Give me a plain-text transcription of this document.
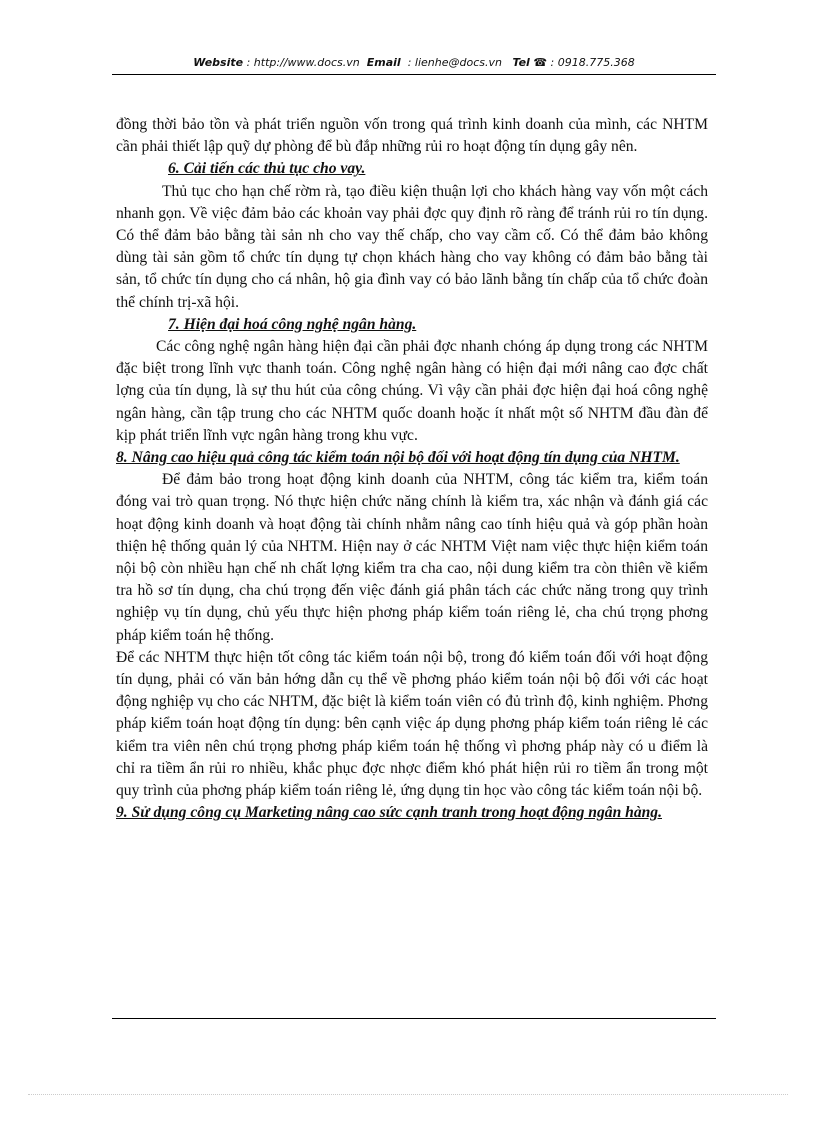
Website : http://www.docs.vn Email : lienhe@docs.vn Tel ☎ : 0918.775.368

đồng thời bảo tồn và phát triển nguồn vốn trong quá trình kinh doanh của mình, các NHTM cần phải thiết lập quỹ dự phòng để bù đắp những rủi ro hoạt động tín dụng gây nên.

6. Cải tiến các thủ tục cho vay.

Thủ tục cho hạn chế rờm rà, tạo điều kiện thuận lợi cho khách hàng vay vốn một cách nhanh gọn. Về việc đảm bảo các khoản vay phải đợc quy định rõ ràng để tránh rủi ro tín dụng. Có thể đảm bảo bằng tài sản nh cho vay thế chấp, cho vay cầm cố. Có thể đảm bảo không dùng tài sản gồm tổ chức tín dụng tự chọn khách hàng cho vay không có đảm bảo bằng tài sản, tổ chức tín dụng cho cá nhân, hộ gia đình vay có bảo lãnh bằng tín chấp của tổ chức đoàn thể chính trị-xã hội.

7. Hiện đại hoá công nghệ ngân hàng.

Các công nghệ ngân hàng hiện đại cần phải đợc nhanh chóng áp dụng trong các NHTM đặc biệt trong lĩnh vực thanh toán. Công nghệ ngân hàng có hiện đại mới nâng cao đợc chất lợng của tín dụng, là sự thu hút của công chúng. Vì vậy cần phải đợc hiện đại hoá công nghệ ngân hàng, cần tập trung cho các NHTM quốc doanh hoặc ít nhất một số NHTM đầu đàn để kịp phát triển lĩnh vực ngân hàng trong khu vực.

8. Nâng cao hiệu quả công tác kiểm toán nội bộ đối với hoạt động tín dụng của NHTM.

Để đảm bảo trong hoạt động kinh doanh của NHTM, công tác kiểm tra, kiểm toán đóng vai trò quan trọng. Nó thực hiện chức năng chính là kiểm tra, xác nhận và đánh giá các hoạt động kinh doanh và hoạt động tài chính nhằm nâng cao tính hiệu quả và góp phần hoàn thiện hệ thống quản lý của NHTM. Hiện nay ở các NHTM Việt nam việc thực hiện kiểm toán nội bộ còn nhiều hạn chế nh chất lợng kiểm tra cha cao, nội dung kiểm tra còn thiên về kiểm tra hồ sơ tín dụng, cha chú trọng đến việc đánh giá phân tách các chức năng trong quy trình nghiệp vụ tín dụng, chủ yếu thực hiện phơng pháp kiểm toán riêng lẻ, cha chú trọng phơng pháp kiểm toán hệ thống.

Để các NHTM thực hiện tốt công tác kiểm toán nội bộ, trong đó kiểm toán đối với hoạt động tín dụng, phải có văn bản hớng dẫn cụ thể về phơng pháo kiểm toán nội bộ đối với các hoạt động nghiệp vụ cho các NHTM, đặc biệt là kiểm toán viên có đủ trình độ, kinh nghiệm. Phơng pháp kiểm toán hoạt động tín dụng: bên cạnh việc áp dụng phơng pháp kiểm toán riêng lẻ các kiểm tra viên nên chú trọng phơng pháp kiểm toán hệ thống vì phơng pháp này có u điểm là chỉ ra tiềm ẩn rủi ro nhiều, khắc phục đợc nhợc điểm khó phát hiện rủi ro tiềm ẩn trong một quy trình của phơng pháp kiểm toán riêng lẻ, ứng dụng tin học vào công tác kiểm toán nội bộ.

9. Sử dụng công cụ Marketing nâng cao sức cạnh tranh trong hoạt động ngân hàng.
